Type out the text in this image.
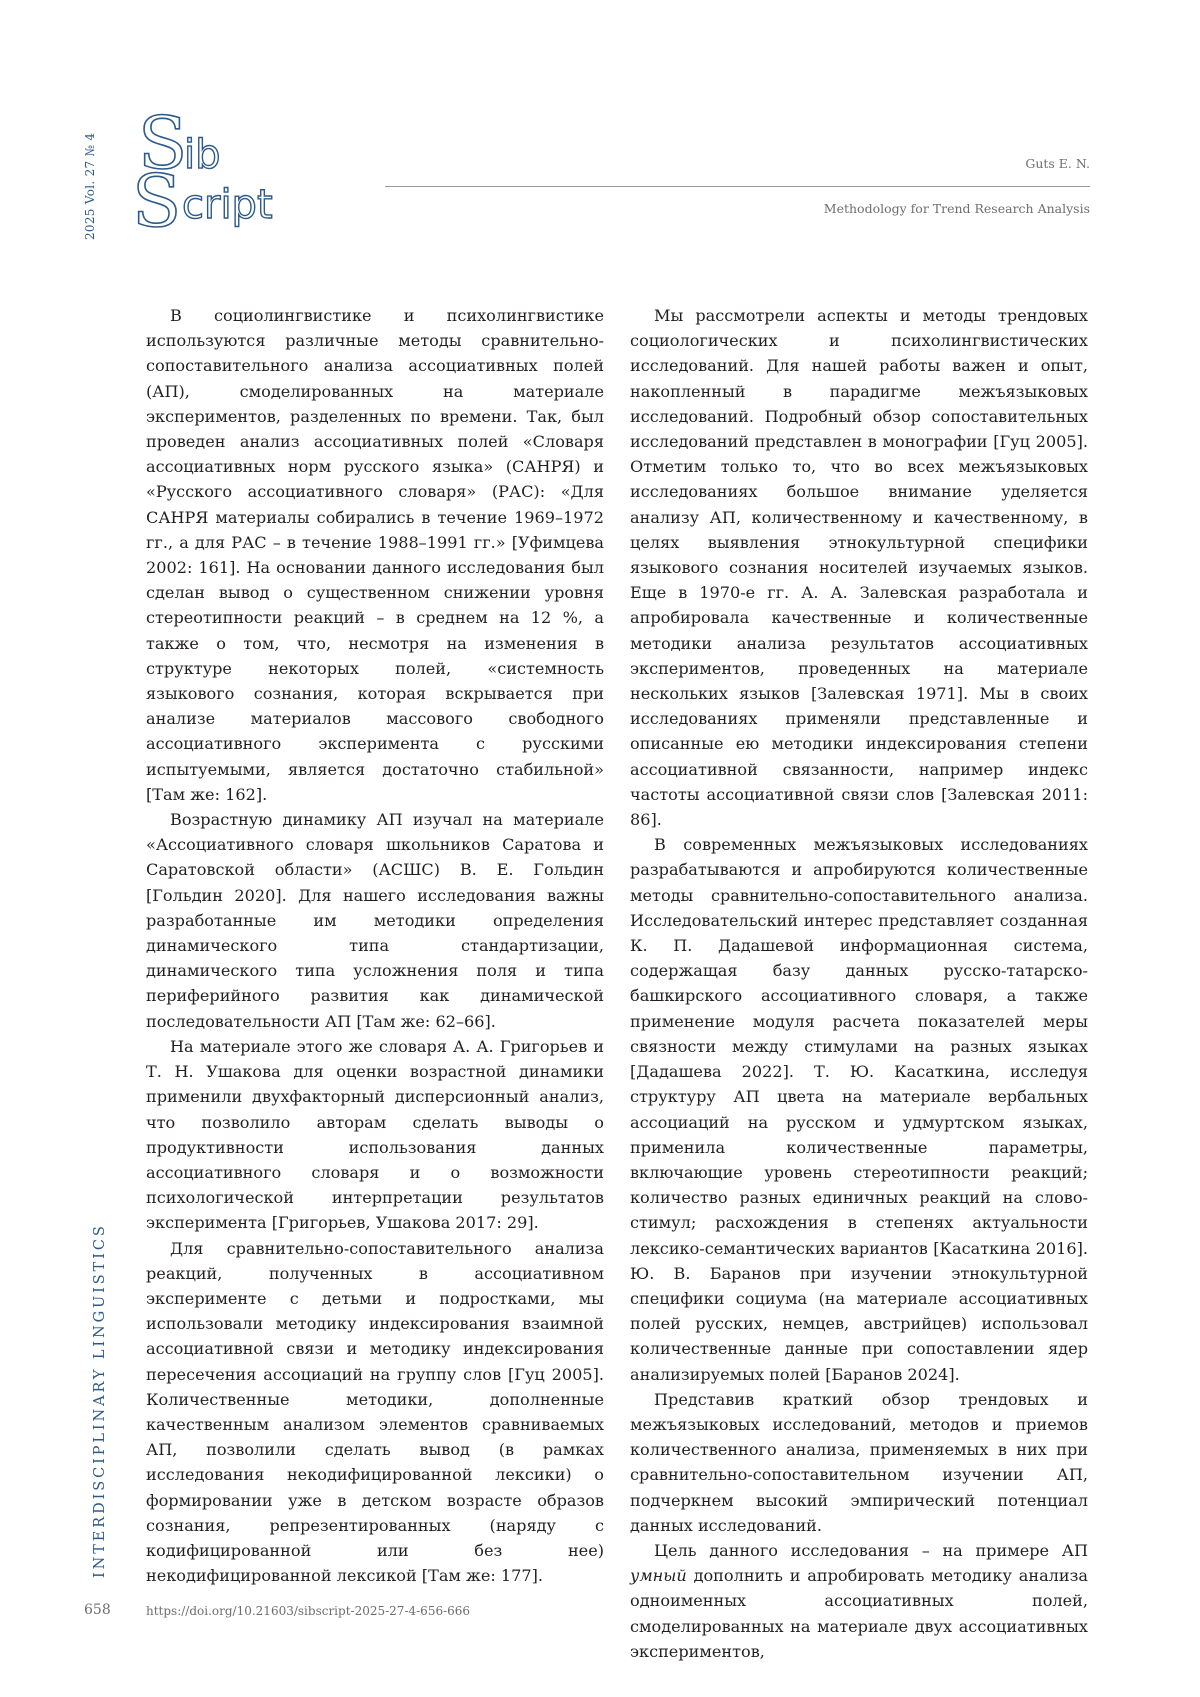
2025 Vol. 27 № 4 S
ib
S cript
Guts E. N.
Methodology for Trend Research Analysis

В социолингвистике и психолингвистике используются различные методы сравнительно-сопоставительного анализа ассоциативных полей (АП), смоделированных на материале экспериментов, разделенных по времени. Так, был проведен анализ ассоциативных полей «Словаря ассоциативных норм русского языка» (САНРЯ) и «Русского ассоциативного словаря» (РАС): «Для САНРЯ материалы собирались в течение 1969–1972 гг., а для РАС – в течение 1988–1991 гг.» [Уфимцева 2002: 161]. На основании данного исследования был сделан вывод о существенном снижении уровня стереотипности реакций – в среднем на 12 %, а также о том, что, несмотря на изменения в структуре некоторых полей, «системность языкового сознания, которая вскрывается при анализе материалов массового свободного ассоциативного эксперимента с русскими испытуемыми, является достаточно стабильной» [Там же: 162].

Возрастную динамику АП изучал на материале «Ассоциативного словаря школьников Саратова и Саратовской области» (АСШС) В. Е. Гольдин [Гольдин 2020]. Для нашего исследования важны разработанные им методики определения динамического типа стандартизации, динамического типа усложнения поля и типа периферийного развития как динамической последовательности АП [Там же: 62–66].

На материале этого же словаря А. А. Григорьев и Т. Н. Ушакова для оценки возрастной динамики применили двухфакторный дисперсионный анализ, что позволило авторам сделать выводы о продуктивности использования данных ассоциативного словаря и о возможности психологической интерпретации результатов эксперимента [Григорьев, Ушакова 2017: 29].

Для сравнительно-сопоставительного анализа реакций, полученных в ассоциативном эксперименте с детьми и подростками, мы использовали методику индексирования взаимной ассоциативной связи и методику индексирования пересечения ассоциаций на группу слов [Гуц 2005]. Количественные методики, дополненные качественным анализом элементов сравниваемых АП, позволили сделать вывод (в рамках исследования некодифицированной лексики) о формировании уже в детском возрасте образов сознания, репрезентированных (наряду с кодифицированной или без нее) некодифицированной лексикой [Там же: 177].

Мы рассмотрели аспекты и методы трендовых социологических и психолингвистических исследований. Для нашей работы важен и опыт, накопленный в парадигме межъязыковых исследований. Подробный обзор сопоставительных исследований представлен в монографии [Гуц 2005]. Отметим только то, что во всех межъязыковых исследованиях большое внимание уделяется анализу АП, количественному и качественному, в целях выявления этнокультурной специфики языкового сознания носителей изучаемых языков. Еще в 1970-е гг. А. А. Залевская разработала и апробировала качественные и количественные методики анализа результатов ассоциативных экспериментов, проведенных на материале нескольких языков [Залевская 1971]. Мы в своих исследованиях применяли представленные и описанные ею методики индексирования степени ассоциативной связанности, например индекс частоты ассоциативной связи слов [Залевская 2011: 86].

В современных межъязыковых исследованиях разрабатываются и апробируются количественные методы сравнительно-сопоставительного анализа. Исследовательский интерес представляет созданная К. П. Дадашевой информационная система, содержащая базу данных русско-татарско-башкирского ассоциативного словаря, а также применение модуля расчета показателей меры связности между стимулами на разных языках [Дадашева 2022]. Т. Ю. Касаткина, исследуя структуру АП цвета на материале вербальных ассоциаций на русском и удмуртском языках, применила количественные параметры, включающие уровень стереотипности реакций; количество разных единичных реакций на слово-стимул; расхождения в степенях актуальности лексико-семантических вариантов [Касаткина 2016]. Ю. В. Баранов при изучении этнокультурной специфики социума (на материале ассоциативных полей русских, немцев, австрийцев) использовал количественные данные при сопоставлении ядер анализируемых полей [Баранов 2024].

Представив краткий обзор трендовых и межъязыковых исследований, методов и приемов количественного анализа, применяемых в них при сравнительно-сопоставительном изучении АП, подчеркнем высокий эмпирический потенциал данных исследований.

Цель данного исследования – на примере АП умный дополнить и апробировать методику анализа одноименных ассоциативных полей, смоделированных на материале двух ассоциативных экспериментов,

INTERDISCIPLINARY LINGUISTICS
658	https://doi.org/10.21603/sibscript-2025-27-4-656-666
